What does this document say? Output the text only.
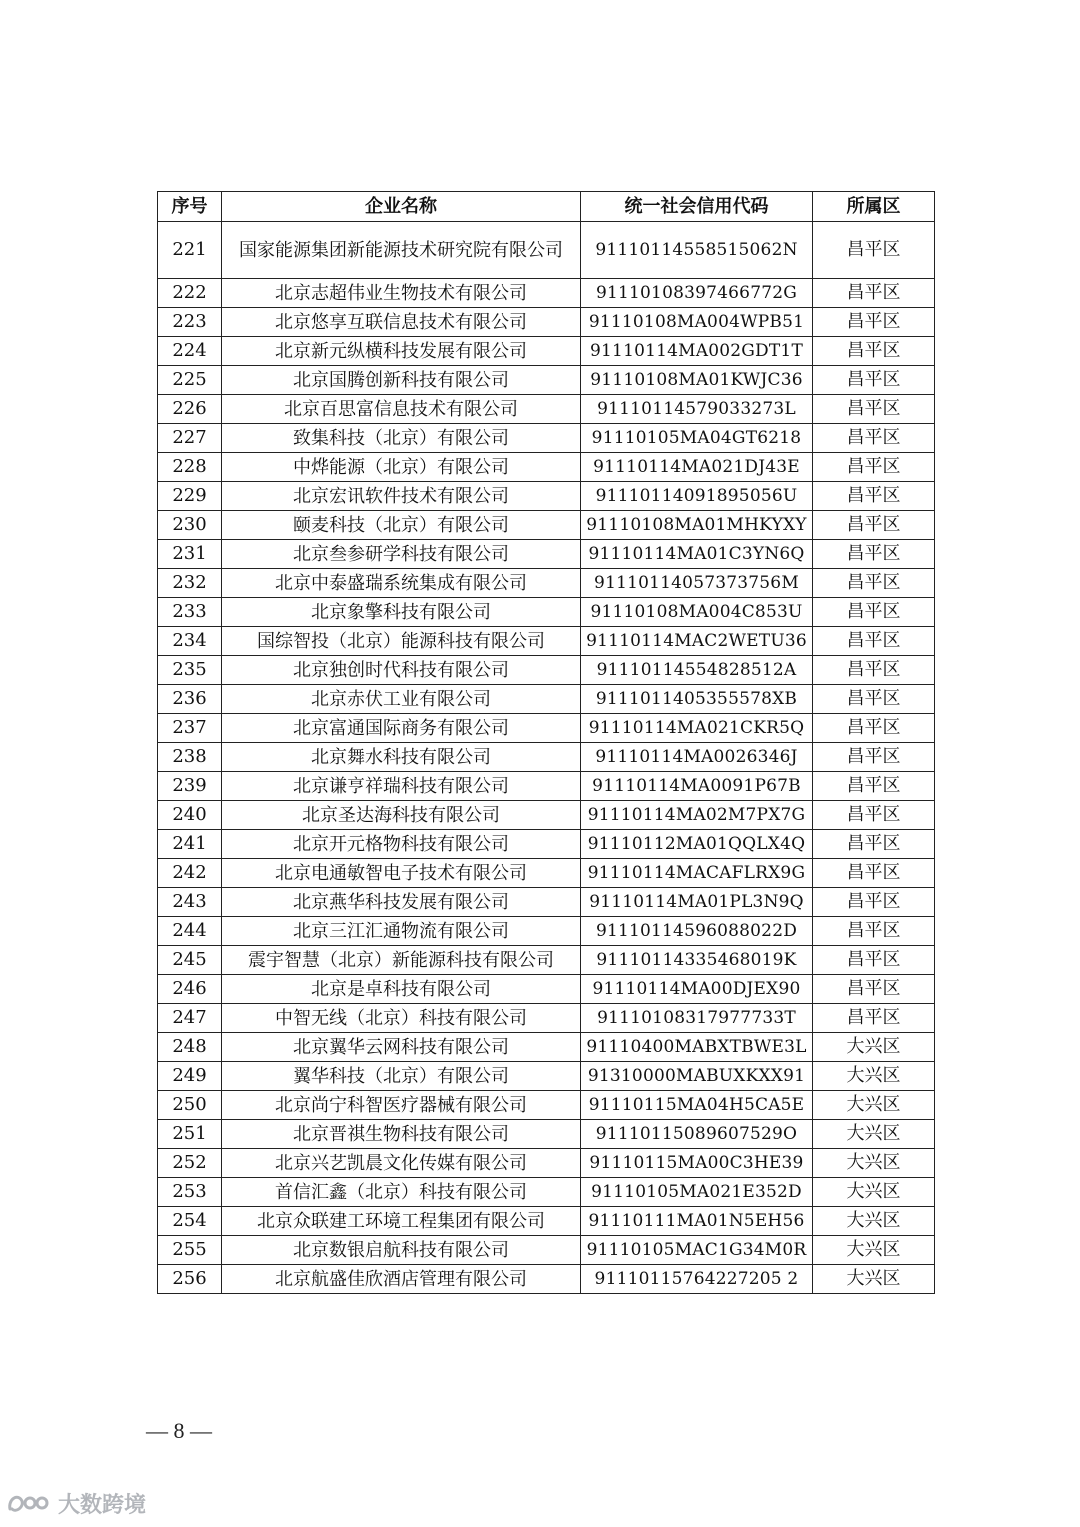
序号	企业名称	统一社会信用代码	所属区
221	国家能源集团新能源技术研究院有限公司	91110114558515062N	昌平区
222	北京志超伟业生物技术有限公司	91110108397466772G	昌平区
223	北京悠享互联信息技术有限公司	91110108MA004WPB51	昌平区
224	北京新元纵横科技发展有限公司	91110114MA002GDT1T	昌平区
225	北京国腾创新科技有限公司	91110108MA01KWJC36	昌平区
226	北京百思富信息技术有限公司	91110114579033273L	昌平区
227	致集科技（北京）有限公司	91110105MA04GT6218	昌平区
228	中烨能源（北京）有限公司	91110114MA021DJ43E	昌平区
229	北京宏讯软件技术有限公司	91110114091895056U	昌平区
230	颐麦科技（北京）有限公司	91110108MA01MHKYXY	昌平区
231	北京叁参研学科技有限公司	91110114MA01C3YN6Q	昌平区
232	北京中泰盛瑞系统集成有限公司	91110114057373756M	昌平区
233	北京象擎科技有限公司	91110108MA004C853U	昌平区
234	国综智投（北京）能源科技有限公司	91110114MAC2WETU36	昌平区
235	北京独创时代科技有限公司	91110114554828512A	昌平区
236	北京赤伏工业有限公司	9111011405355578XB	昌平区
237	北京富通国际商务有限公司	91110114MA021CKR5Q	昌平区
238	北京舞水科技有限公司	91110114MA0026346J	昌平区
239	北京谦亨祥瑞科技有限公司	91110114MA0091P67B	昌平区
240	北京圣达海科技有限公司	91110114MA02M7PX7G	昌平区
241	北京开元格物科技有限公司	91110112MA01QQLX4Q	昌平区
242	北京电通敏智电子技术有限公司	91110114MACAFLRX9G	昌平区
243	北京燕华科技发展有限公司	91110114MA01PL3N9Q	昌平区
244	北京三江汇通物流有限公司	91110114596088022D	昌平区
245	震宇智慧（北京）新能源科技有限公司	91110114335468019K	昌平区
246	北京是卓科技有限公司	91110114MA00DJEX90	昌平区
247	中智无线（北京）科技有限公司	91110108317977733T	昌平区
248	北京翼华云网科技有限公司	91110400MABXTBWE3L	大兴区
249	翼华科技（北京）有限公司	91310000MABUXKXX91	大兴区
250	北京尚宁科智医疗器械有限公司	91110115MA04H5CA5E	大兴区
251	北京晋祺生物科技有限公司	91110115089607529O	大兴区
252	北京兴艺凯晨文化传媒有限公司	91110115MA00C3HE39	大兴区
253	首信汇鑫（北京）科技有限公司	91110105MA021E352D	大兴区
254	北京众联建工环境工程集团有限公司	91110111MA01N5EH56	大兴区
255	北京数银启航科技有限公司	91110105MAC1G34M0R	大兴区
256	北京航盛佳欣酒店管理有限公司	91110115764227205 2	大兴区
— 8 —
大数跨境
